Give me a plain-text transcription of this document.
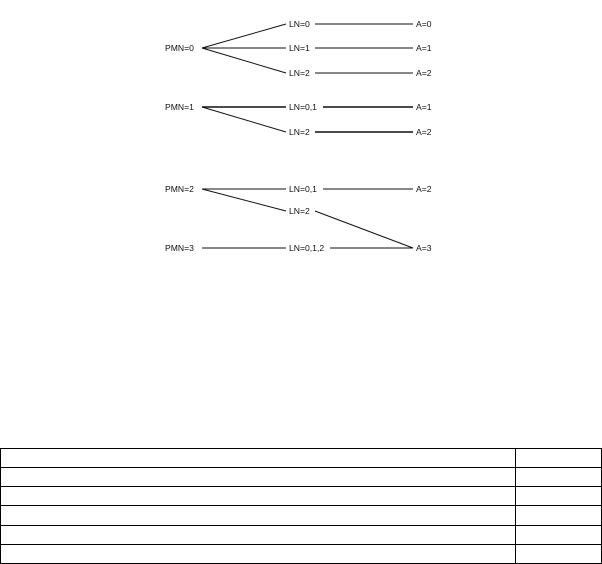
PMN=0
LN=0
LN=1
LN=2
A=0
A=1
A=2
PMN=1	LN=0,1
LN=2
A=1
A=2
PMN=2
PMN=3
LN=0,1
LN=2
LN=0,1,2
A=2
A=3
